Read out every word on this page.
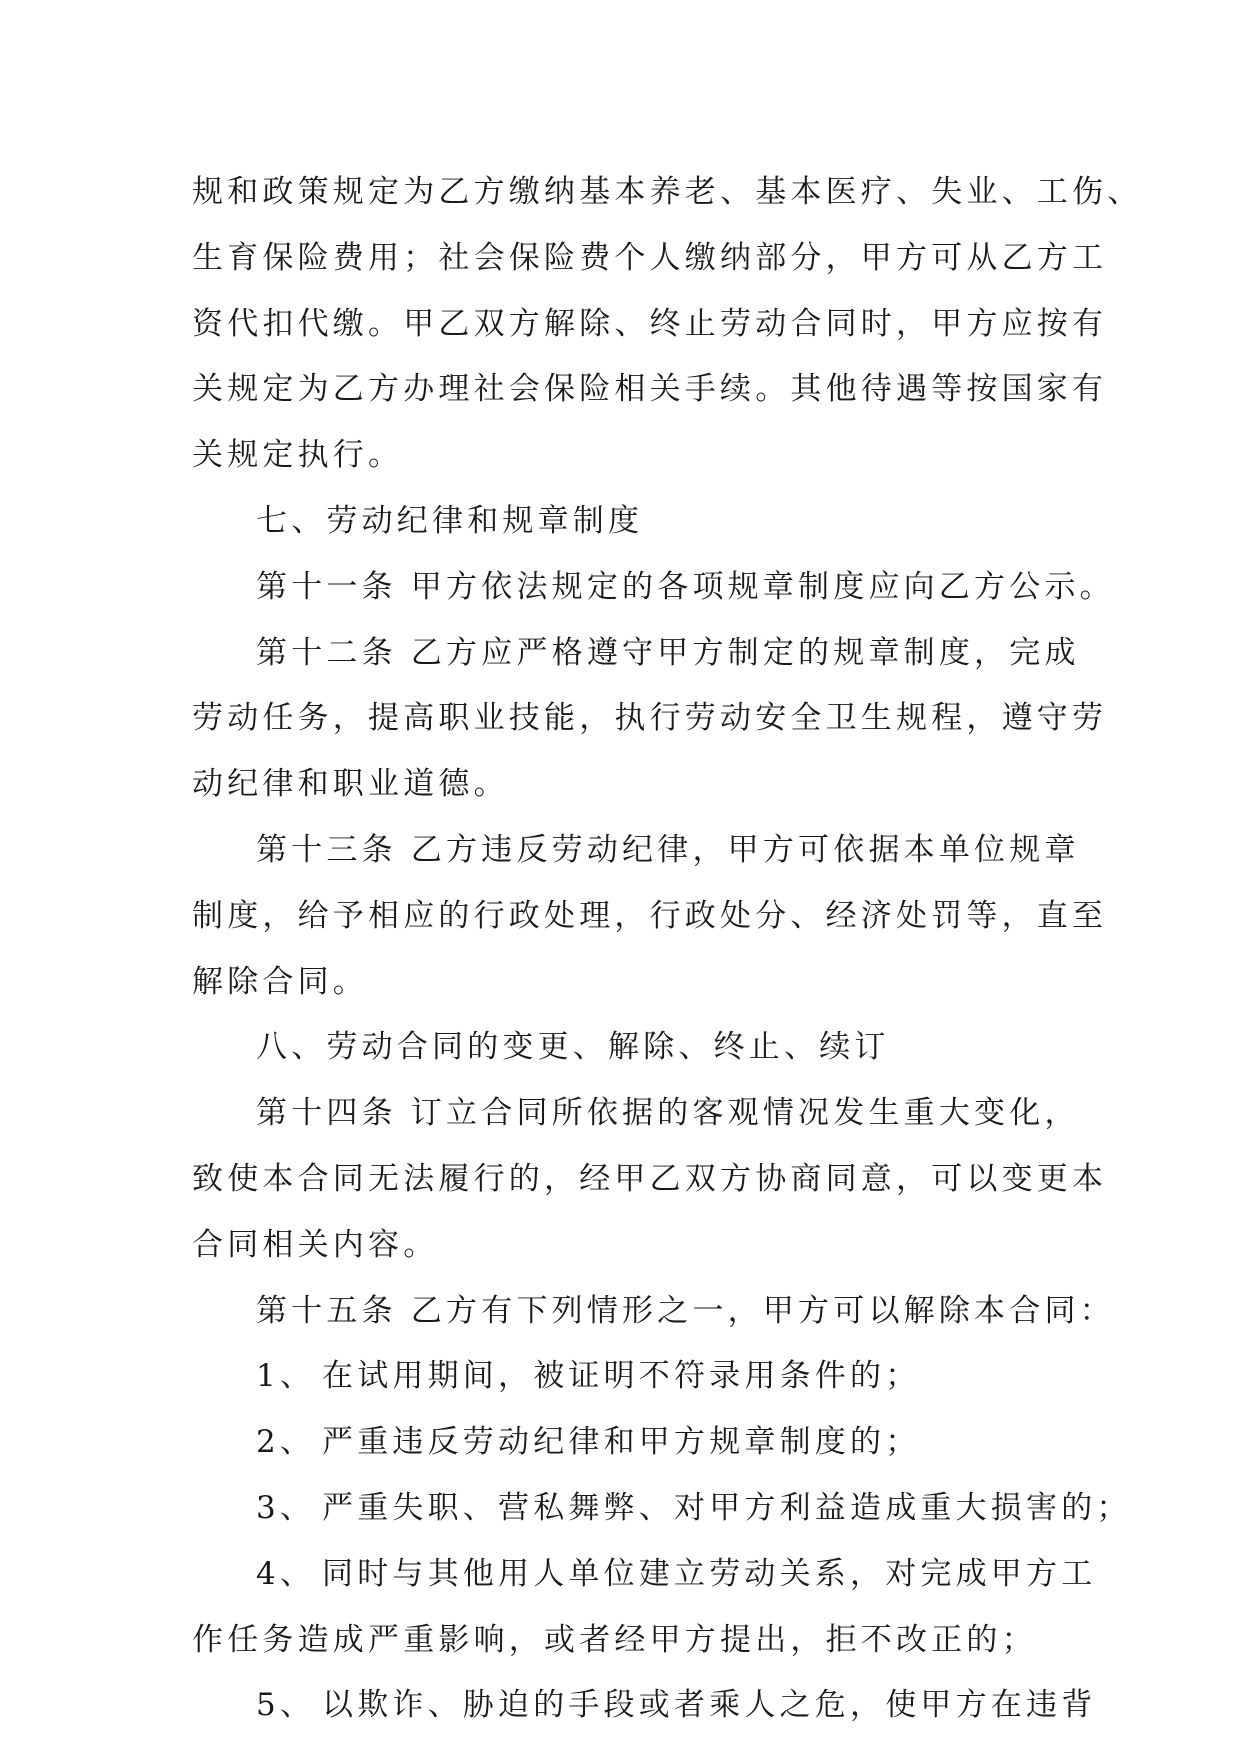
规和政策规定为乙方缴纳基本养老、基本医疗、失业、工伤、
生育保险费用；社会保险费个人缴纳部分，甲方可从乙方工
资代扣代缴。甲乙双方解除、终止劳动合同时，甲方应按有
关规定为乙方办理社会保险相关手续。其他待遇等按国家有
关规定执行。
七、劳动纪律和规章制度
第十一条 甲方依法规定的各项规章制度应向乙方公示。
第十二条 乙方应严格遵守甲方制定的规章制度，完成
劳动任务，提高职业技能，执行劳动安全卫生规程，遵守劳
动纪律和职业道德。
第十三条 乙方违反劳动纪律，甲方可依据本单位规章
制度，给予相应的行政处理，行政处分、经济处罚等，直至
解除合同。
八、劳动合同的变更、解除、终止、续订
第十四条 订立合同所依据的客观情况发生重大变化，
致使本合同无法履行的，经甲乙双方协商同意，可以变更本
合同相关内容。
第十五条 乙方有下列情形之一，甲方可以解除本合同：
1、 在试用期间，被证明不符录用条件的；
2、 严重违反劳动纪律和甲方规章制度的；
3、 严重失职、营私舞弊、对甲方利益造成重大损害的；
4、 同时与其他用人单位建立劳动关系，对完成甲方工
作任务造成严重影响，或者经甲方提出，拒不改正的；
5、 以欺诈、胁迫的手段或者乘人之危，使甲方在违背
